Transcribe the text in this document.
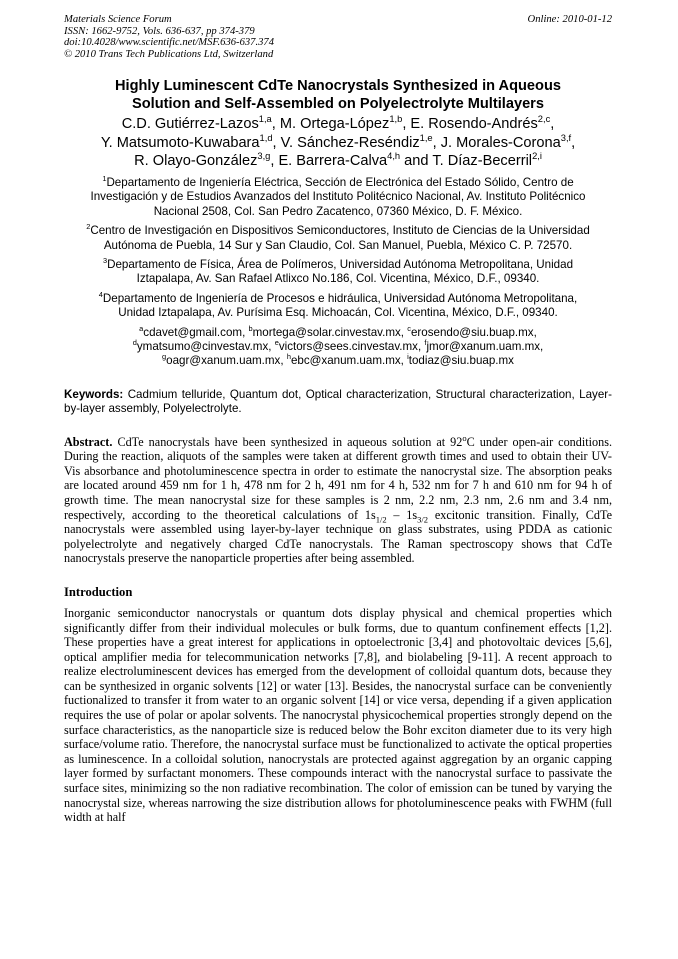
Materials Science Forum
ISSN: 1662-9752, Vols. 636-637, pp 374-379
doi:10.4028/www.scientific.net/MSF.636-637.374
© 2010 Trans Tech Publications Ltd, Switzerland
Online: 2010-01-12
Highly Luminescent CdTe Nanocrystals Synthesized in Aqueous
Solution and Self-Assembled on Polyelectrolyte Multilayers
C.D. Gutiérrez-Lazos$^{1,a}$, M. Ortega-López$^{1,b}$, E. Rosendo-Andrés$^{2,c}$,
Y. Matsumoto-Kuwabara$^{1,d}$, V. Sánchez-Reséndiz$^{1,e}$, J. Morales-Corona$^{3,f}$,
R. Olayo-González$^{3,g}$, E. Barrera-Calva$^{4,h}$ and T. Díaz-Becerril$^{2,i}$
$^1$Departamento de Ingeniería Eléctrica, Sección de Electrónica del Estado Sólido, Centro de
Investigación y de Estudios Avanzados del Instituto Politécnico Nacional, Av. Instituto Politécnico
Nacional 2508, Col. San Pedro Zacatenco, 07360 México, D. F. México.
$^2$Centro de Investigación en Dispositivos Semiconductores, Instituto de Ciencias de la Universidad
Autónoma de Puebla, 14 Sur y San Claudio, Col. San Manuel, Puebla, México C. P. 72570.
$^3$Departamento de Física, Área de Polímeros, Universidad Autónoma Metropolitana, Unidad
Iztapalapa, Av. San Rafael Atlixco No.186, Col. Vicentina, México, D.F., 09340.
$^4$Departamento de Ingeniería de Procesos e hidráulica, Universidad Autónoma Metropolitana,
Unidad Iztapalapa, Av. Purísima Esq. Michoacán, Col. Vicentina, México, D.F., 09340.
$^a$cdavet@gmail.com, $^b$mortega@solar.cinvestav.mx, $^c$erosendo@siu.buap.mx,
$^d$ymatsumo@cinvestav.mx, $^e$victors@sees.cinvestav.mx, $^f$jmor@xanum.uam.mx,
$^g$oagr@xanum.uam.mx, $^h$ebc@xanum.uam.mx, $^i$todiaz@siu.buap.mx
Keywords: Cadmium telluride, Quantum dot, Optical characterization, Structural characterization, Layer-by-layer assembly, Polyelectrolyte.
Abstract. CdTe nanocrystals have been synthesized in aqueous solution at 92$^o$C under open-air conditions. During the reaction, aliquots of the samples were taken at different growth times and used to obtain their UV-Vis absorbance and photoluminescence spectra in order to estimate the nanocrystal size. The absorption peaks are located around 459 nm for 1 h, 478 nm for 2 h, 491 nm for 4 h, 532 nm for 7 h and 610 nm for 94 h of growth time. The mean nanocrystal size for these samples is 2 nm, 2.2 nm, 2.3 nm, 2.6 nm and 3.4 nm, respectively, according to the theoretical calculations of $1s_{1/2} - 1s_{3/2}$ excitonic transition. Finally, CdTe nanocrystals were assembled using layer-by-layer technique on glass substrates, using PDDA as cationic polyelectrolyte and negatively charged CdTe nanocrystals. The Raman spectroscopy shows that CdTe nanocrystals preserve the nanoparticle properties after being assembled.
Introduction
Inorganic semiconductor nanocrystals or quantum dots display physical and chemical properties which significantly differ from their individual molecules or bulk forms, due to quantum confinement effects [1,2]. These properties have a great interest for applications in optoelectronic [3,4] and photovoltaic devices [5,6], optical amplifier media for telecommunication networks [7,8], and biolabeling [9-11]. A recent approach to realize electroluminescent devices has emerged from the development of colloidal quantum dots, because they can be synthesized in organic solvents [12] or water [13]. Besides, the nanocrystal surface can be conveniently fuctionalized to transfer it from water to an organic solvent [14] or vice versa, depending if a given application requires the use of polar or apolar solvents. The nanocrystal physicochemical properties strongly depend on the surface characteristics, as the nanoparticle size is reduced below the Bohr exciton diameter due to its very high surface/volume ratio. Therefore, the nanocrystal surface must be functionalized to activate the optical properties as luminescence. In a colloidal solution, nanocrystals are protected against aggregation by an organic capping layer formed by surfactant monomers. These compounds interact with the nanocrystal surface to passivate the surface sites, minimizing so the non radiative recombination. The color of emission can be tuned by varying the nanocrystal size, whereas narrowing the size distribution allows for photoluminescence peaks with FWHM (full width at half
